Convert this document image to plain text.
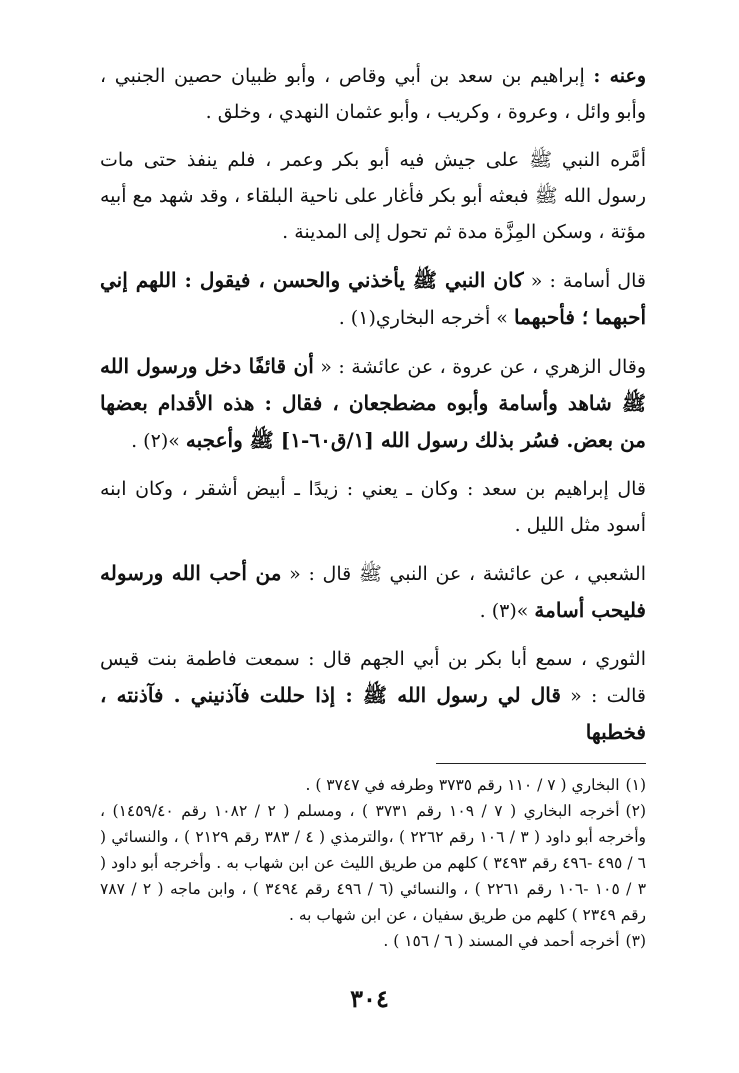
وعنه : إبراهيم بن سعد بن أبي وقاص ، وأبو ظبيان حصين الجنبي ، وأبو وائل ، وعروة ، وكريب ، وأبو عثمان النهدي ، وخلق .

أمَّره النبي ﷺ على جيش فيه أبو بكر وعمر ، فلم ينفذ حتى مات رسول الله ﷺ فبعثه أبو بكر فأغار على ناحية البلقاء ، وقد شهد مع أبيه مؤتة ، وسكن المِزَّة مدة ثم تحول إلى المدينة .

قال أسامة : « كان النبي ﷺ يأخذني والحسن ، فيقول : اللهم إني أحبهما ؛ فأحبهما » أخرجه البخاري(١) .

وقال الزهري ، عن عروة ، عن عائشة : « أن قائفًا دخل ورسول الله ﷺ شاهد وأسامة وأبوه مضطجعان ، فقال : هذه الأقدام بعضها من بعض. فسُر بذلك رسول الله [١/ق٦٠-١] ﷺ وأعجبه »(٢) .

قال إبراهيم بن سعد : وكان ـ يعني : زيدًا ـ أبيض أشقر ، وكان ابنه أسود مثل الليل .

الشعبي ، عن عائشة ، عن النبي ﷺ قال : « من أحب الله ورسوله فليحب أسامة »(٣) .

الثوري ، سمع أبا بكر بن أبي الجهم قال : سمعت فاطمة بنت قيس قالت : « قال لي رسول الله ﷺ : إذا حللت فآذنيني . فآذنته ، فخطبها

(١)البخاري ( ٧ / ١١٠ رقم ٣٧٣٥ وطرفه في ٣٧٤٧ ) .

(٢)أخرجه البخاري ( ٧ / ١٠٩ رقم ٣٧٣١ ) ، ومسلم ( ٢ / ١٠٨٢ رقم ١٤٥٩/٤٠) ، وأخرجه أبو داود ( ٣ / ١٠٦ رقم ٢٢٦٢ ) ،والترمذي ( ٤ / ٣٨٣ رقم ٢١٢٩ ) ، والنسائي ( ٦ / ٤٩٥ -٤٩٦ رقم ٣٤٩٣ ) كلهم من طريق الليث عن ابن شهاب به . وأخرجه أبو داود ( ٣ / ١٠٥ -١٠٦ رقم ٢٢٦١ ) ، والنسائي (٦ / ٤٩٦ رقم ٣٤٩٤ ) ، وابن ماجه ( ٢ / ٧٨٧ رقم ٢٣٤٩ ) كلهم من طريق سفيان ، عن ابن شهاب به .

(٣)أخرجه أحمد في المسند ( ٦ / ١٥٦ ) .

٣٠٤
